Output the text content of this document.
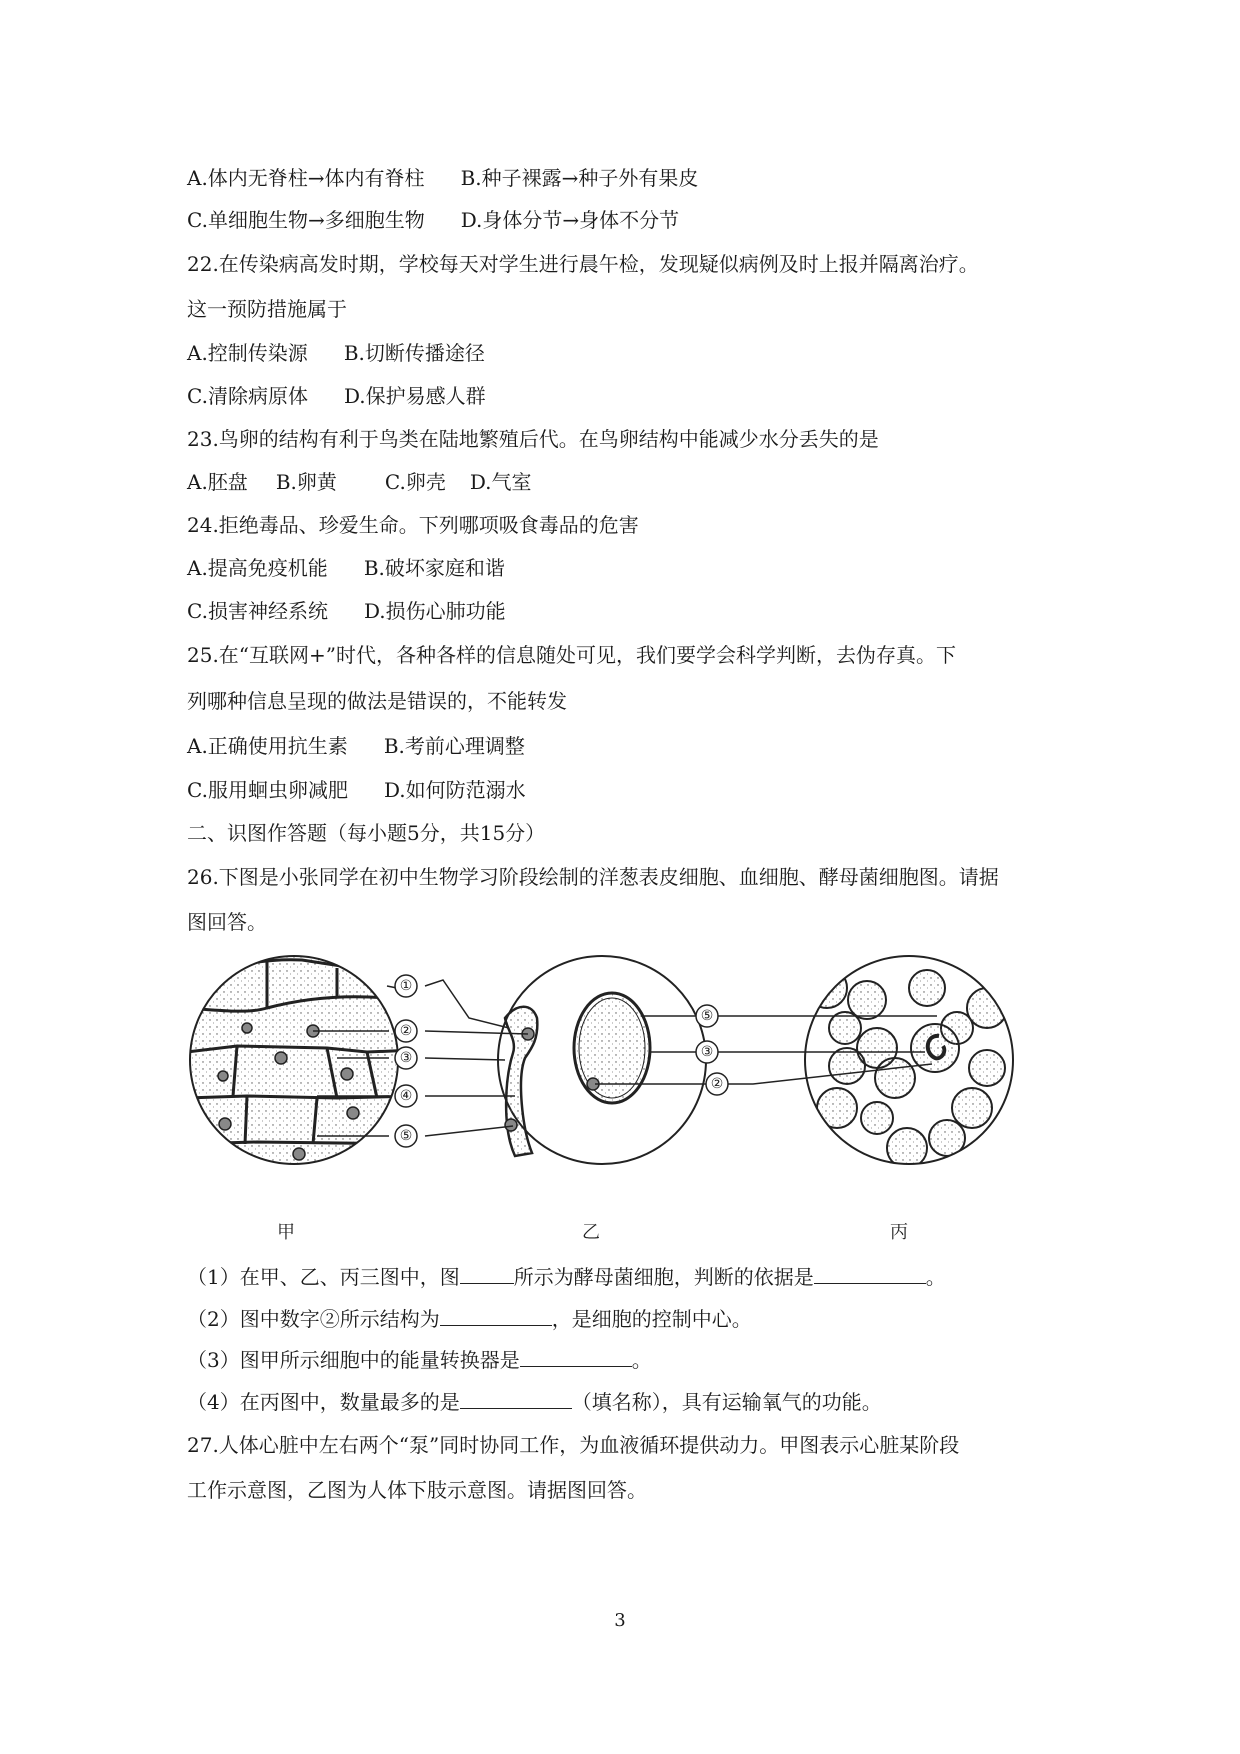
A.体内无脊柱→体内有脊柱 B.种子裸露→种子外有果皮
C.单细胞生物→多细胞生物 D.身体分节→身体不分节
22.在传染病高发时期，学校每天对学生进行晨午检，发现疑似病例及时上报并隔离治疗。
这一预防措施属于
A.控制传染源 B.切断传播途径
C.清除病原体 D.保护易感人群
23.鸟卵的结构有利于鸟类在陆地繁殖后代。在鸟卵结构中能减少水分丢失的是
A.胚盘 B.卵黄 C.卵壳 D.气室
24.拒绝毒品、珍爱生命。下列哪项吸食毒品的危害
A.提高免疫机能 B.破坏家庭和谐
C.损害神经系统 D.损伤心肺功能
25.在“互联网+”时代，各种各样的信息随处可见，我们要学会科学判断，去伪存真。下
列哪种信息呈现的做法是错误的，不能转发
A.正确使用抗生素 B.考前心理调整
C.服用蛔虫卵减肥 D.如何防范溺水
二、识图作答题（每小题5分，共15分）
26.下图是小张同学在初中生物学习阶段绘制的洋葱表皮细胞、血细胞、酵母菌细胞图。请据
图回答。
①
②
③
④
⑤
⑤
③
②
甲	乙	丙
（1）在甲、乙、丙三图中，图	所示为酵母菌细胞，判断的依据是	。
（2）图中数字②所示结构为	，是细胞的控制中心。
（3）图甲所示细胞中的能量转换器是	。
（4）在丙图中，数量最多的是	（填名称），具有运输氧气的功能。
27.人体心脏中左右两个“泵”同时协同工作，为血液循环提供动力。甲图表示心脏某阶段
工作示意图，乙图为人体下肢示意图。请据图回答。
3
